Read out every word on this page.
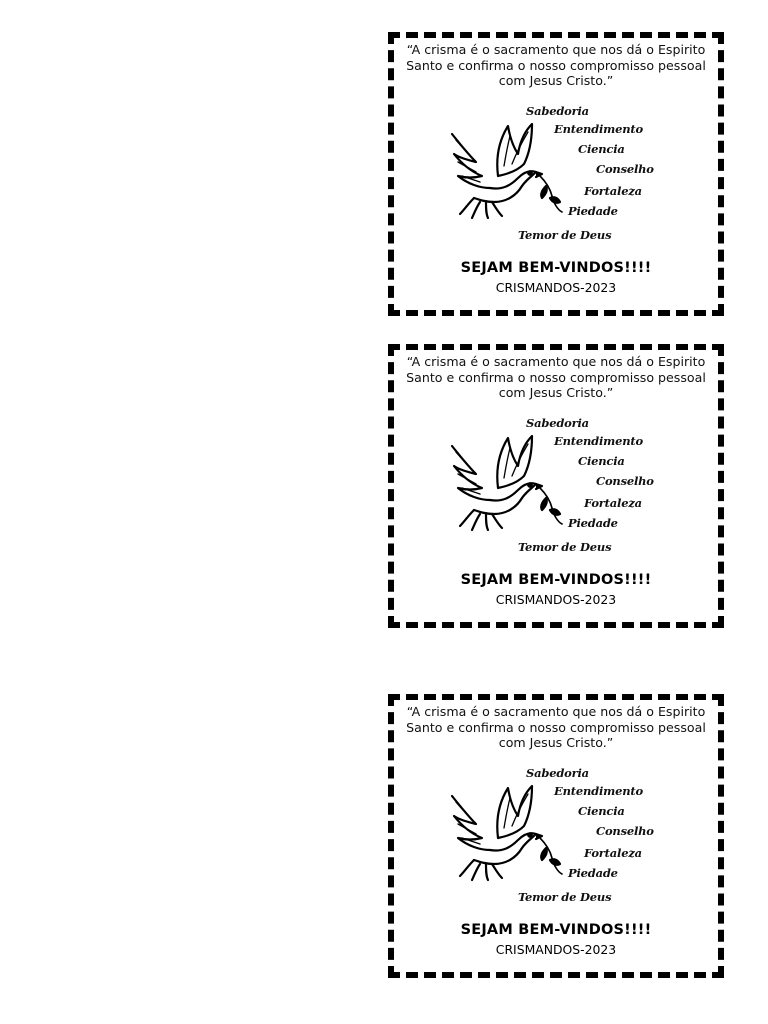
“A crisma é o sacramento que nos dá o Espirito Santo e confirma o nosso compromisso pessoal com Jesus Cristo.”
Sabedoria
Entendimento
Ciencia
Conselho
Fortaleza
Piedade
Temor de Deus
SEJAM BEM-VINDOS!!!!
CRISMANDOS-2023
“A crisma é o sacramento que nos dá o Espirito Santo e confirma o nosso compromisso pessoal com Jesus Cristo.”
Sabedoria
Entendimento
Ciencia
Conselho
Fortaleza
Piedade
Temor de Deus
SEJAM BEM-VINDOS!!!!
CRISMANDOS-2023
“A crisma é o sacramento que nos dá o Espirito Santo e confirma o nosso compromisso pessoal com Jesus Cristo.”
Sabedoria
Entendimento
Ciencia
Conselho
Fortaleza
Piedade
Temor de Deus
SEJAM BEM-VINDOS!!!!
CRISMANDOS-2023
